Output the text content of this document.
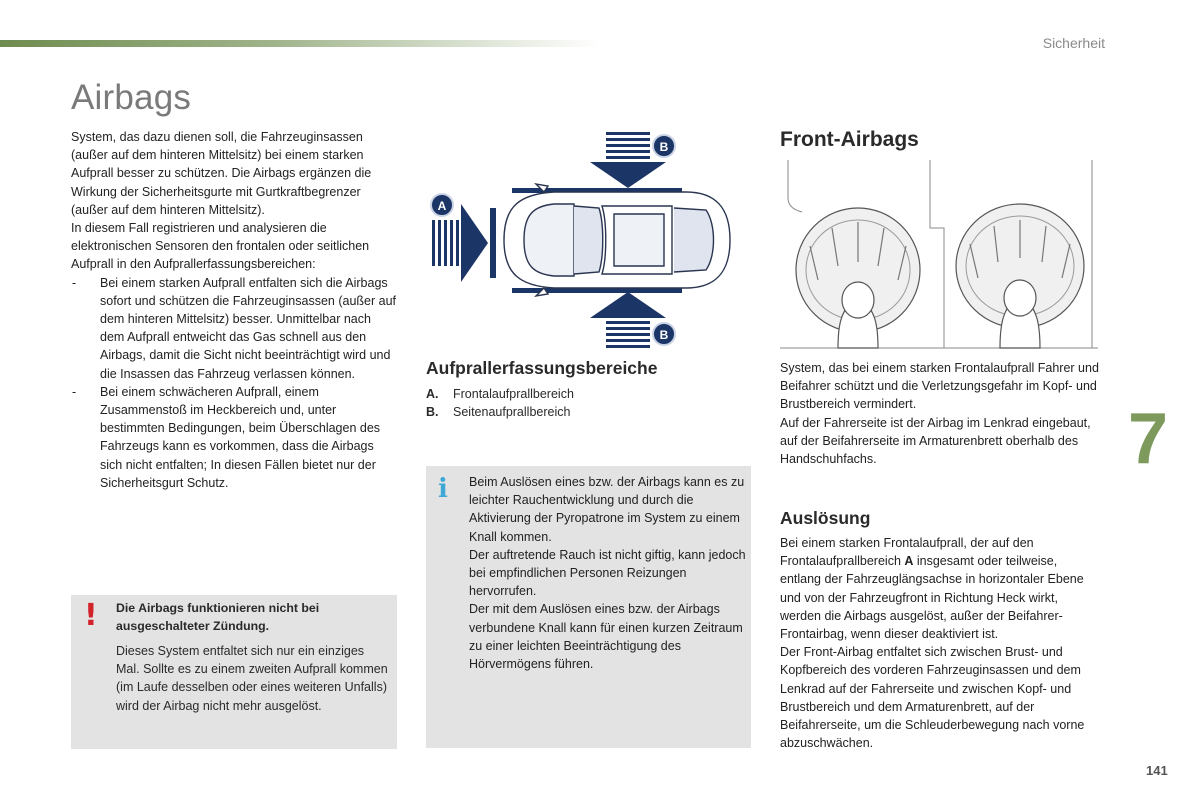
Sicherheit
Airbags

System, das dazu dienen soll, die Fahrzeuginsassen (außer auf dem hinteren Mittelsitz) bei einem starken Aufprall besser zu schützen. Die Airbags ergänzen die Wirkung der Sicherheitsgurte mit Gurtkraftbegrenzer (außer auf dem hinteren Mittelsitz).

In diesem Fall registrieren und analysieren die elektronischen Sensoren den frontalen oder seitlichen Aufprall in den Aufprallerfassungsbereichen:

- Bei einem starken Aufprall entfalten sich die Airbags sofort und schützen die Fahrzeuginsassen (außer auf dem hinteren Mittelsitz) besser. Unmittelbar nach dem Aufprall entweicht das Gas schnell aus den Airbags, damit die Sicht nicht beeinträchtigt wird und die Insassen das Fahrzeug verlassen können.
- Bei einem schwächeren Aufprall, einem Zusammenstoß im Heckbereich und, unter bestimmten Bedingungen, beim Überschlagen des Fahrzeugs kann es vorkommen, dass die Airbags sich nicht entfalten; In diesen Fällen bietet nur der Sicherheitsgurt Schutz.
! Die Airbags funktionieren nicht bei ausgeschalteter Zündung.
Dieses System entfaltet sich nur ein einziges Mal. Sollte es zu einem zweiten Aufprall kommen (im Laufe desselben oder eines weiteren Unfalls) wird der Airbag nicht mehr ausgelöst.
B
B
A
Aufprallerfassungsbereiche
A. Frontalaufprallbereich
B. Seitenaufprallbereich
i Beim Auslösen eines bzw. der Airbags kann es zu leichter Rauchentwicklung und durch die Aktivierung der Pyropatrone im System zu einem Knall kommen.

Der auftretende Rauch ist nicht giftig, kann jedoch bei empfindlichen Personen Reizungen hervorrufen.

Der mit dem Auslösen eines bzw. der Airbags verbundene Knall kann für einen kurzen Zeitraum zu einer leichten Beeinträchtigung des Hörvermögens führen.

Front-Airbags

System, das bei einem starken Frontalaufprall Fahrer und Beifahrer schützt und die Verletzungsgefahr im Kopf- und Brustbereich vermindert.

Auf der Fahrerseite ist der Airbag im Lenkrad eingebaut, auf der Beifahrerseite im Armaturenbrett oberhalb des Handschuhfachs.

Auslösung

Bei einem starken Frontalaufprall, der auf den Frontalaufprallbereich A insgesamt oder teilweise, entlang der Fahrzeuglängsachse in horizontaler Ebene und von der Fahrzeugfront in Richtung Heck wirkt, werden die Airbags ausgelöst, außer der Beifahrer-Frontairbag, wenn dieser deaktiviert ist.

Der Front-Airbag entfaltet sich zwischen Brust- und Kopfbereich des vorderen Fahrzeuginsassen und dem Lenkrad auf der Fahrerseite und zwischen Kopf- und Brustbereich und dem Armaturenbrett, auf der Beifahrerseite, um die Schleuderbewegung nach vorne abzuschwächen.

7
141
